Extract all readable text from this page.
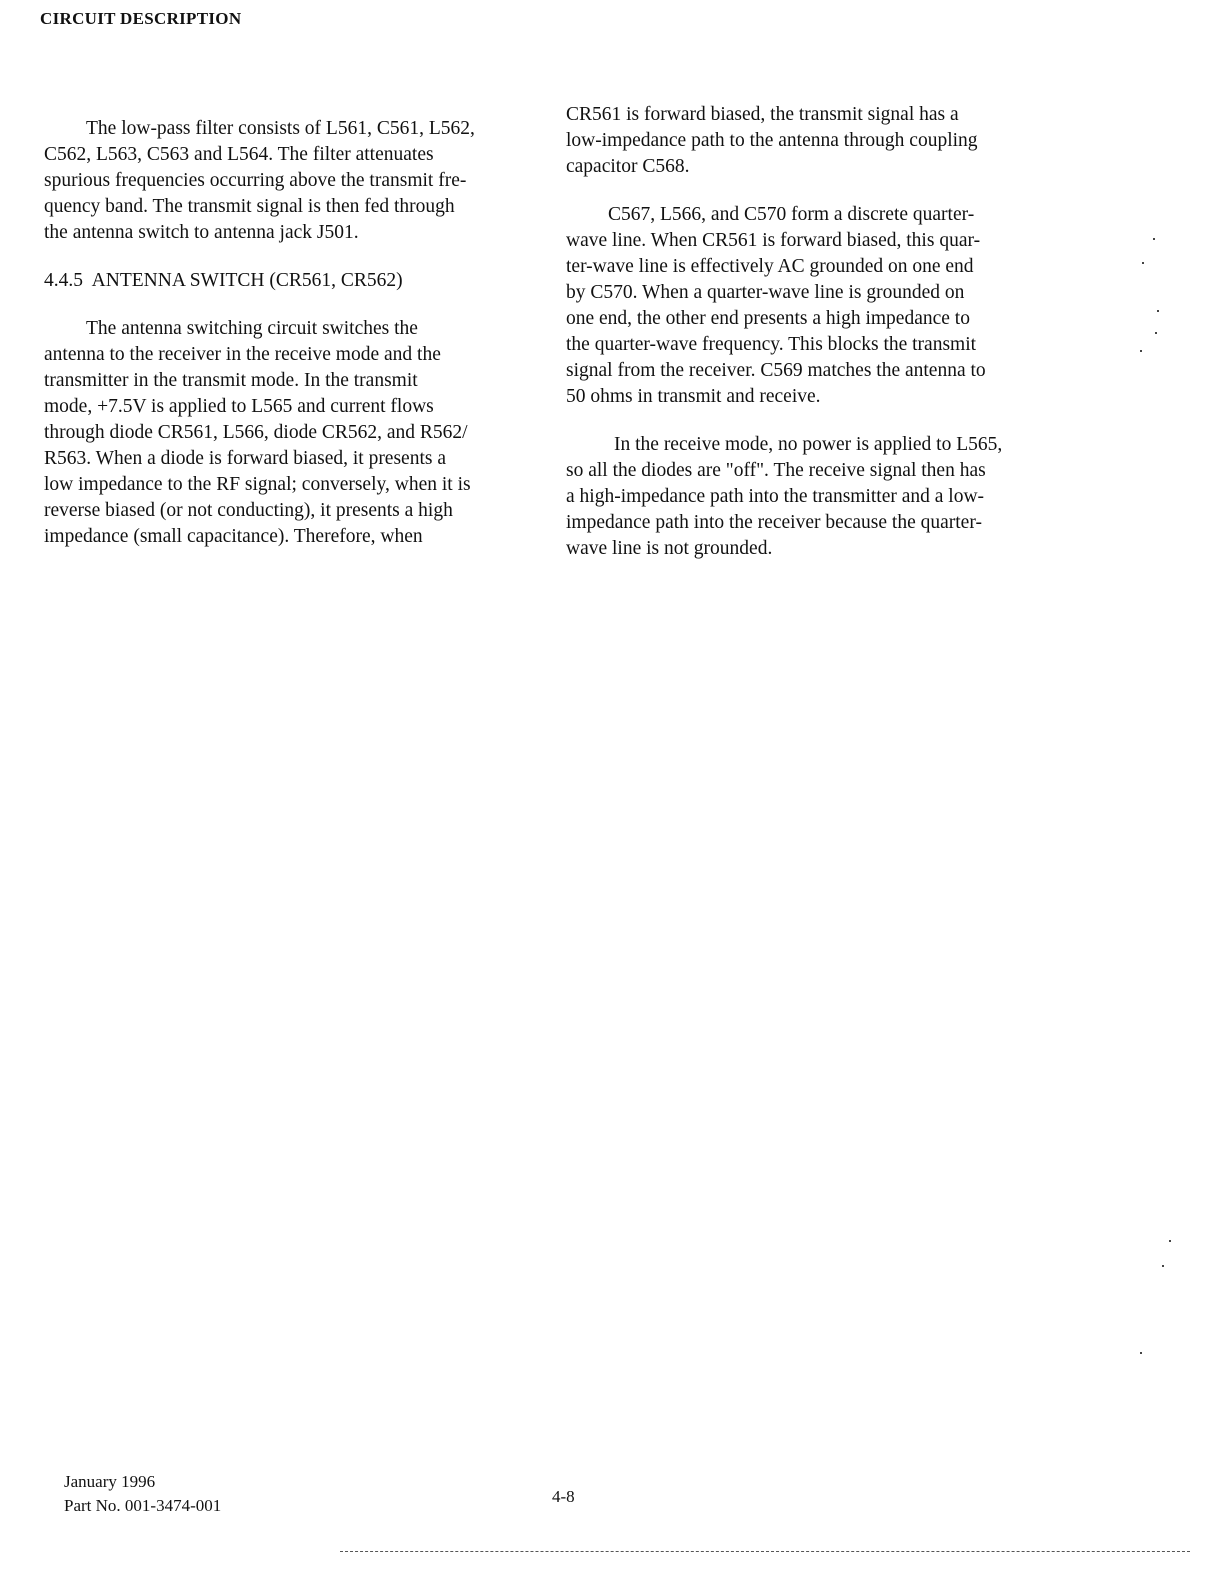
CIRCUIT DESCRIPTION

The low-pass filter consists of L561, C561, L562,
C562, L563, C563 and L564. The filter attenuates
spurious frequencies occurring above the transmit fre-
quency band. The transmit signal is then fed through
the antenna switch to antenna jack J501.

4.4.5  ANTENNA SWITCH (CR561, CR562)

The antenna switching circuit switches the
antenna to the receiver in the receive mode and the
transmitter in the transmit mode. In the transmit
mode, +7.5V is applied to L565 and current flows
through diode CR561, L566, diode CR562, and R562/
R563. When a diode is forward biased, it presents a
low impedance to the RF signal; conversely, when it is
reverse biased (or not conducting), it presents a high
impedance (small capacitance). Therefore, when

CR561 is forward biased, the transmit signal has a
low-impedance path to the antenna through coupling
capacitor C568.

C567, L566, and C570 form a discrete quarter-
wave line. When CR561 is forward biased, this quar-
ter-wave line is effectively AC grounded on one end
by C570. When a quarter-wave line is grounded on
one end, the other end presents a high impedance to
the quarter-wave frequency. This blocks the transmit
signal from the receiver. C569 matches the antenna to
50 ohms in transmit and receive.

In the receive mode, no power is applied to L565,
so all the diodes are "off". The receive signal then has
a high-impedance path into the transmitter and a low-
impedance path into the receiver because the quarter-
wave line is not grounded.

January 1996
Part No. 001-3474-001	4-8
